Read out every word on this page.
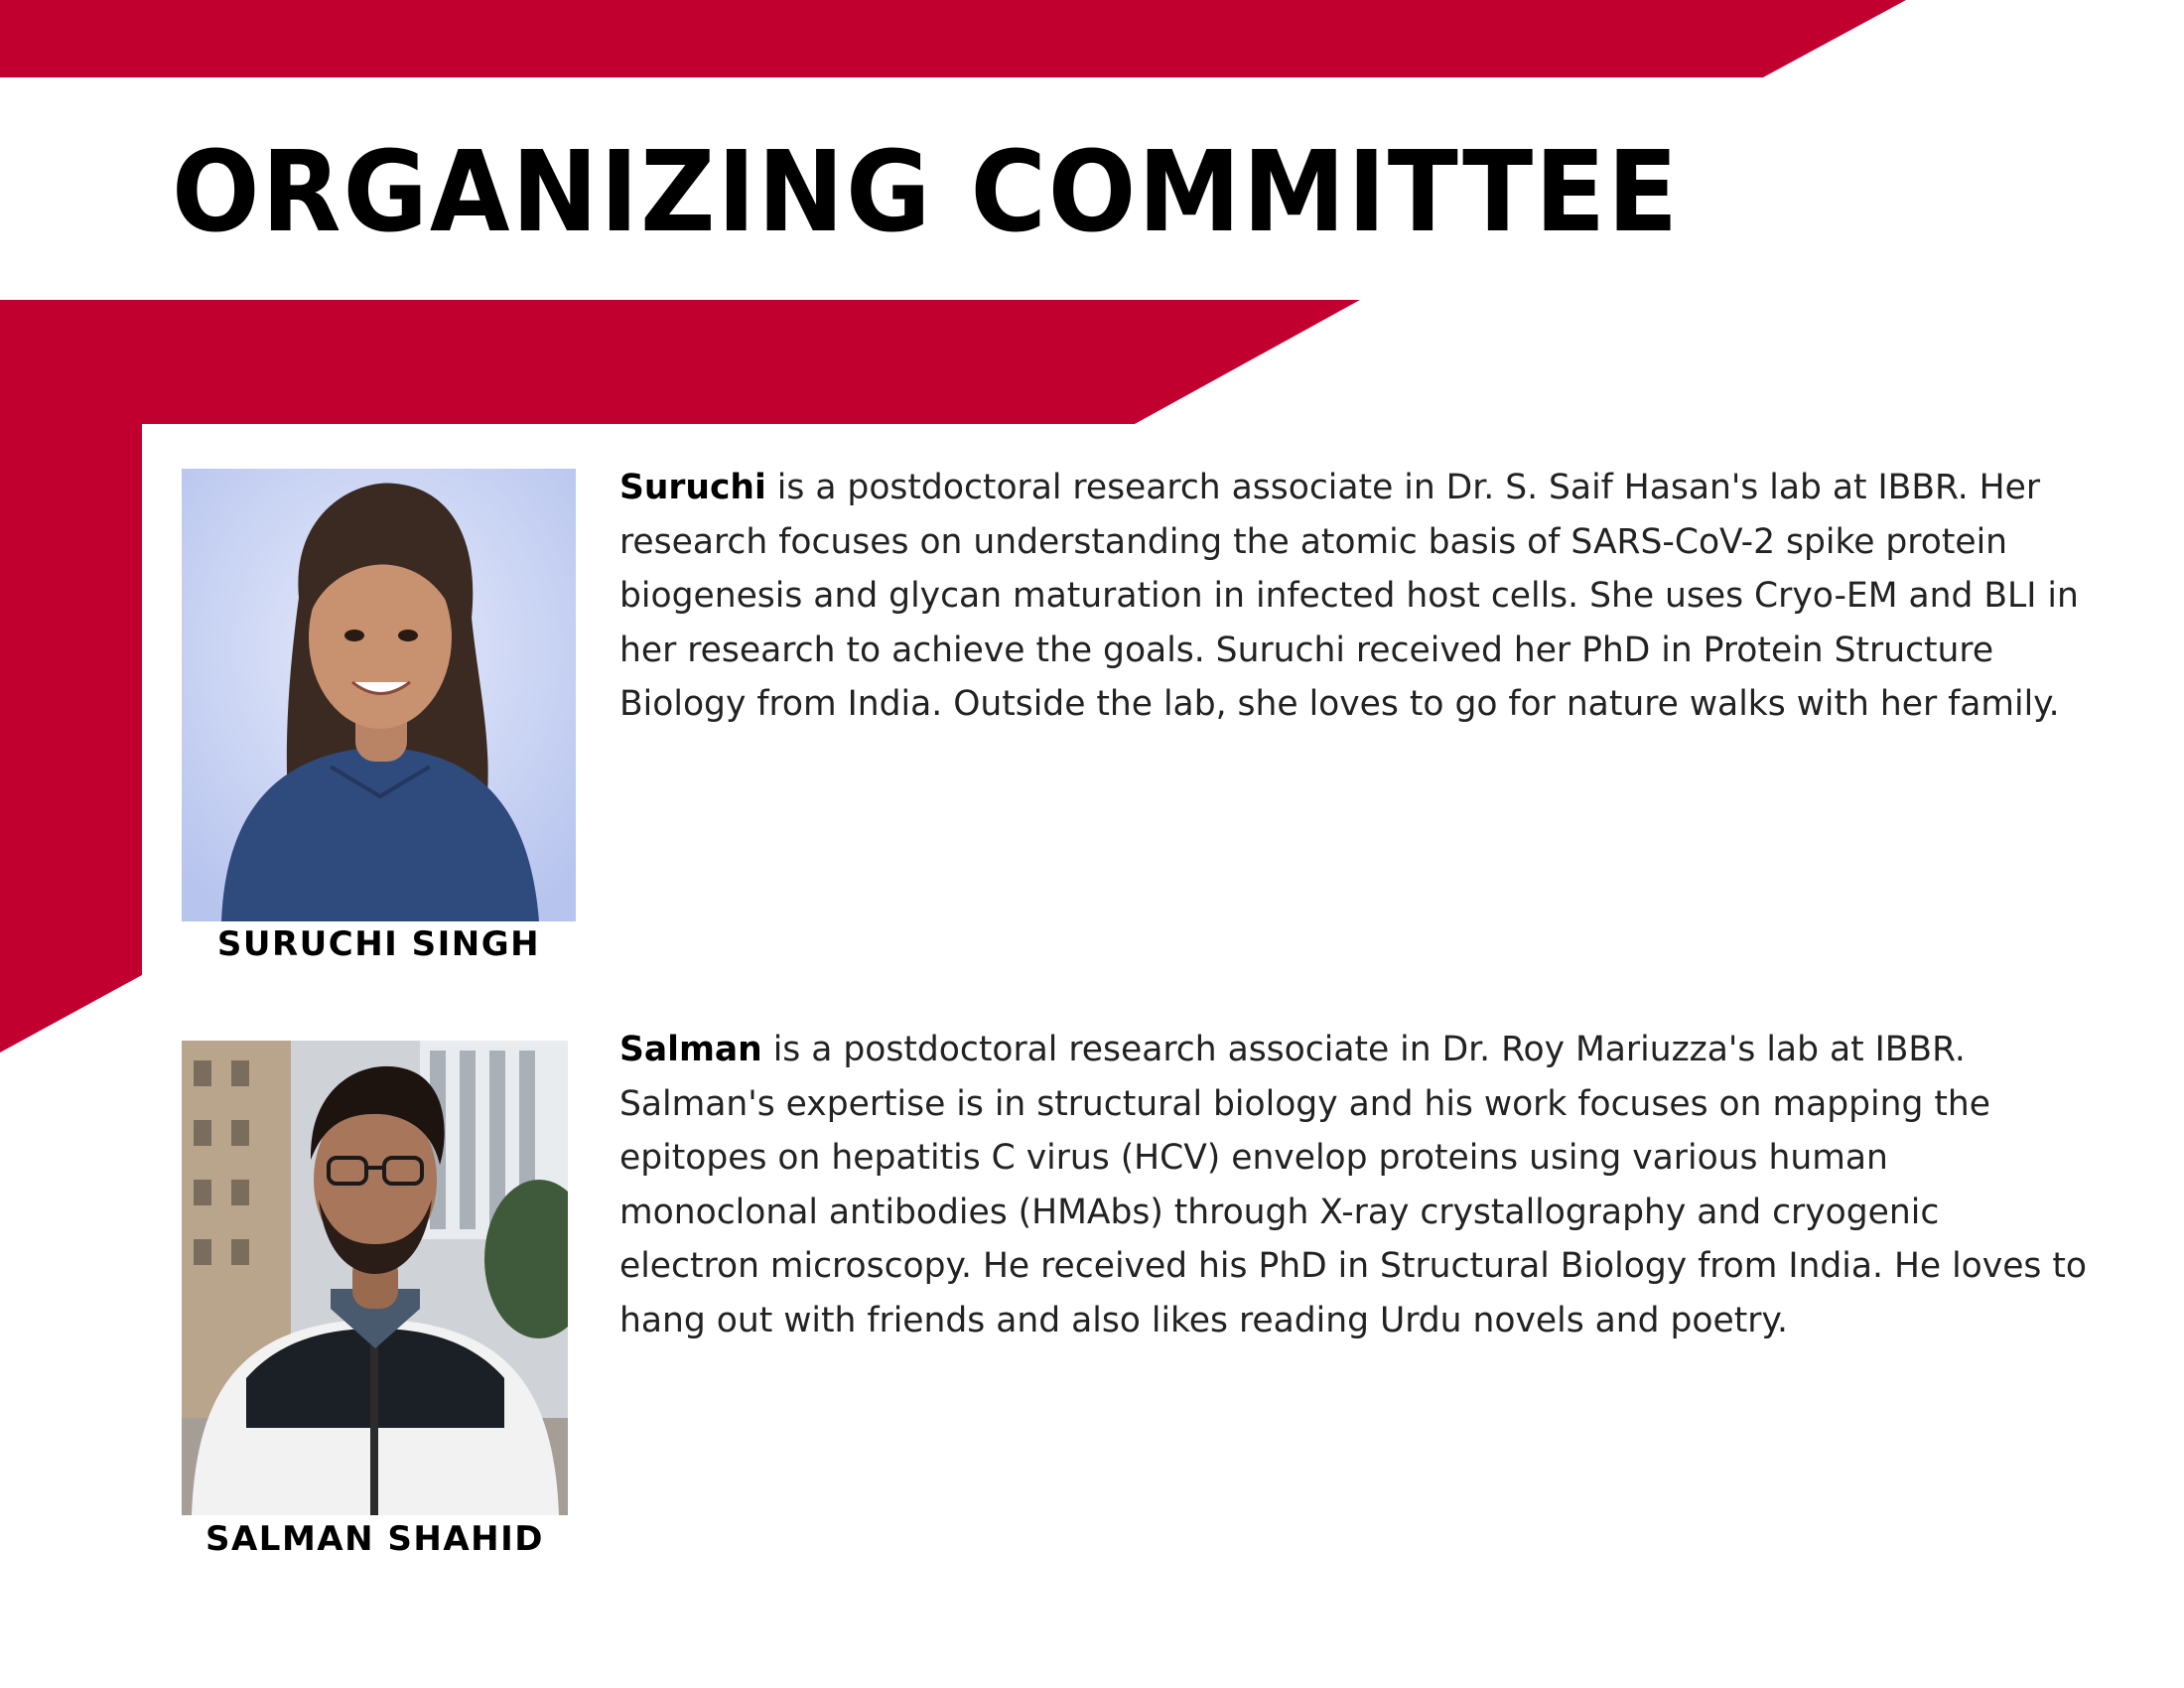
ORGANIZING COMMITTEE
SURUCHI SINGH

Suruchi is a postdoctoral research associate in Dr. S. Saif Hasan's lab at IBBR. Her research focuses on understanding the atomic basis of SARS-CoV-2 spike protein biogenesis and glycan maturation in infected host cells. She uses Cryo-EM and BLI in her research to achieve the goals. Suruchi received her PhD in Protein Structure Biology from India. Outside the lab, she loves to go for nature walks with her family.

SALMAN SHAHID

Salman is a postdoctoral research associate in Dr. Roy Mariuzza's lab at IBBR. Salman's expertise is in structural biology and his work focuses on mapping the epitopes on hepatitis C virus (HCV) envelop proteins using various human monoclonal antibodies (HMAbs) through X-ray crystallography and cryogenic electron microscopy. He received his PhD in Structural Biology from India. He loves to hang out with friends and also likes reading Urdu novels and poetry.
